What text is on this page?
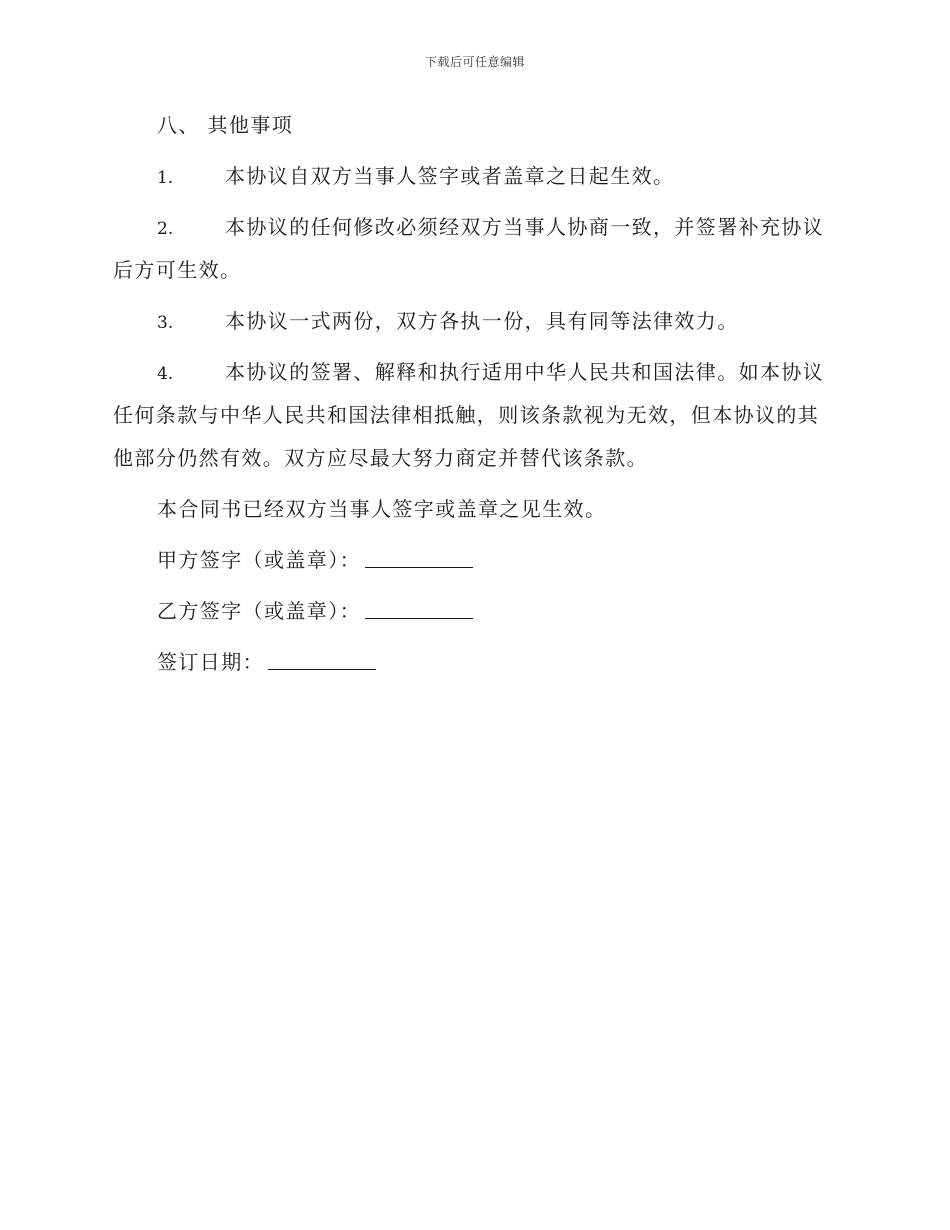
下载后可任意编辑
八、 其他事项
1.	本协议自双方当事人签字或者盖章之日起生效。
2.	本协议的任何修改必须经双方当事人协商一致，并签署补充协议
后方可生效。
3.	本协议一式两份，双方各执一份，具有同等法律效力。
4.	本协议的签署、解释和执行适用中华人民共和国法律。如本协议
任何条款与中华人民共和国法律相抵触，则该条款视为无效，但本协议的其
他部分仍然有效。双方应尽最大努力商定并替代该条款。
本合同书已经双方当事人签字或盖章之见生效。
甲方签字（或盖章）：
乙方签字（或盖章）：
签订日期：
